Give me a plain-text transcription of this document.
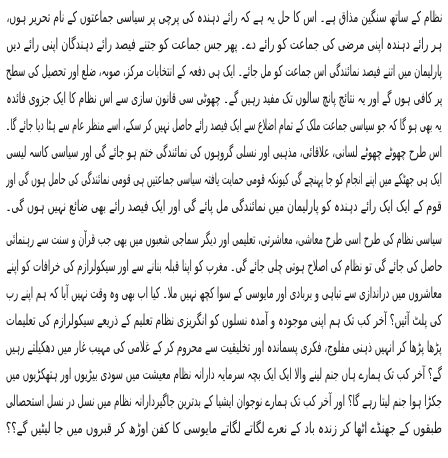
نظام کے ساتھ سنگین مذاق ہے۔ اس کا حل یہ ہے کہ رائے دہندہ کی پرچی پر سیاسی جماعتوں کے نام تحریر ہوں،
ہر رائے دہندہ اپنی مرضی کی جماعت کو رائے دے۔ پھر جس جماعت کو جتنے فیصد رائے دہندگان اپنی رائے دیں
پارلیمان میں اتنے فیصد نمائندگی اس جماعت کو مل جائے۔ ایک ہی دفعہ کے انتخابات مرکز، صوبہ، ضلع اور تحصیل کی سطح
پر کافی ہوں گے اور یہ نتائج پانچ سالوں تک مفید رہیں گے۔ چھوٹی سی قانون سازی سے اس نظام کا ایک جزوی فائدہ
یہ بھی ہو گا کہ جو سیاسی جماعت ملک کے تمام اضلاع سے ایک فیصد رائے حاصل نہیں کر سکے، اسے منظر عام سے ہٹا دیا جائے گا۔
اس طرح چھوٹے چھوٹے لسانی، علاقائی، مذہبی اور نسلی گروہوں کی نمائندگی ختم ہو جائے گی اور سیاسی کاسہ لیسی
ایک ہی جھٹکے میں اپنے انجام کو جا پہنچے گی کیونکہ قومی حمایت یافتہ سیاسی جماعتیں ہی قومی نمائندگی کی حامل ہوں گی اور
قوم کے ایک ایک رائے دہندہ کو پارلیمان میں نمائندگی مل پائے گی اور ایک فیصد رائے بھی ضائع نہیں ہوں گی۔
سیاسی نظام کی طرح اسی طرح معاشی، معاشرتی، تعلیمی اور دیگر سماجی شعبوں میں بھی جب قرآن و سنت سے رہنمائی
حاصل کی جائے گی تو نظام کی اصلاح ہوتی چلی جائے گی۔ مغرب کو اپنا قبلہ بنانے سے اور سیکولرازم کی خرافات کو اپنے
معاشروں میں دراندازی سے تباہی و بربادی اور مایوسی کے سوا کچھ نہیں ملا۔ کیا اب بھی وہ وقت نہیں آیا کہ ہم اپنے رب
کی پلٹ آئیں؟ آخر کب تک ہم اپنی موجودہ و آمدہ نسلوں کو انگریزی نظام تعلیم کے ذریعے سیکولرازم کی تعلیمات
پڑھا پڑھا کر انہیں ذہنی مفلوج، فکری پسماندہ اور تخلیقیت سے محروم کر کے غلامی کی مہیب غار میں دھکیلتے رہیں
گے؟ آخر کب تک ہمارے ہاں جنم لینے والا ایک ایک بچہ سرمایہ دارانہ نظام معیشت میں سودی بیڑیوں اور ہتھکڑیوں میں
جکڑا ہوا جنم لیتا رہے گا؟ اور آخر کب تک ہمارے نوجوان ایشیا کے بدترین جاگیردارانہ نظام میں نسل در نسل استحصالی
طبقوں کے جھنڈے اٹھا کر زندہ باد کے نعرے لگاتے لگاتے مایوسی کا کفن اوڑھ کر قبروں میں جا لیٹیں گے؟؟
